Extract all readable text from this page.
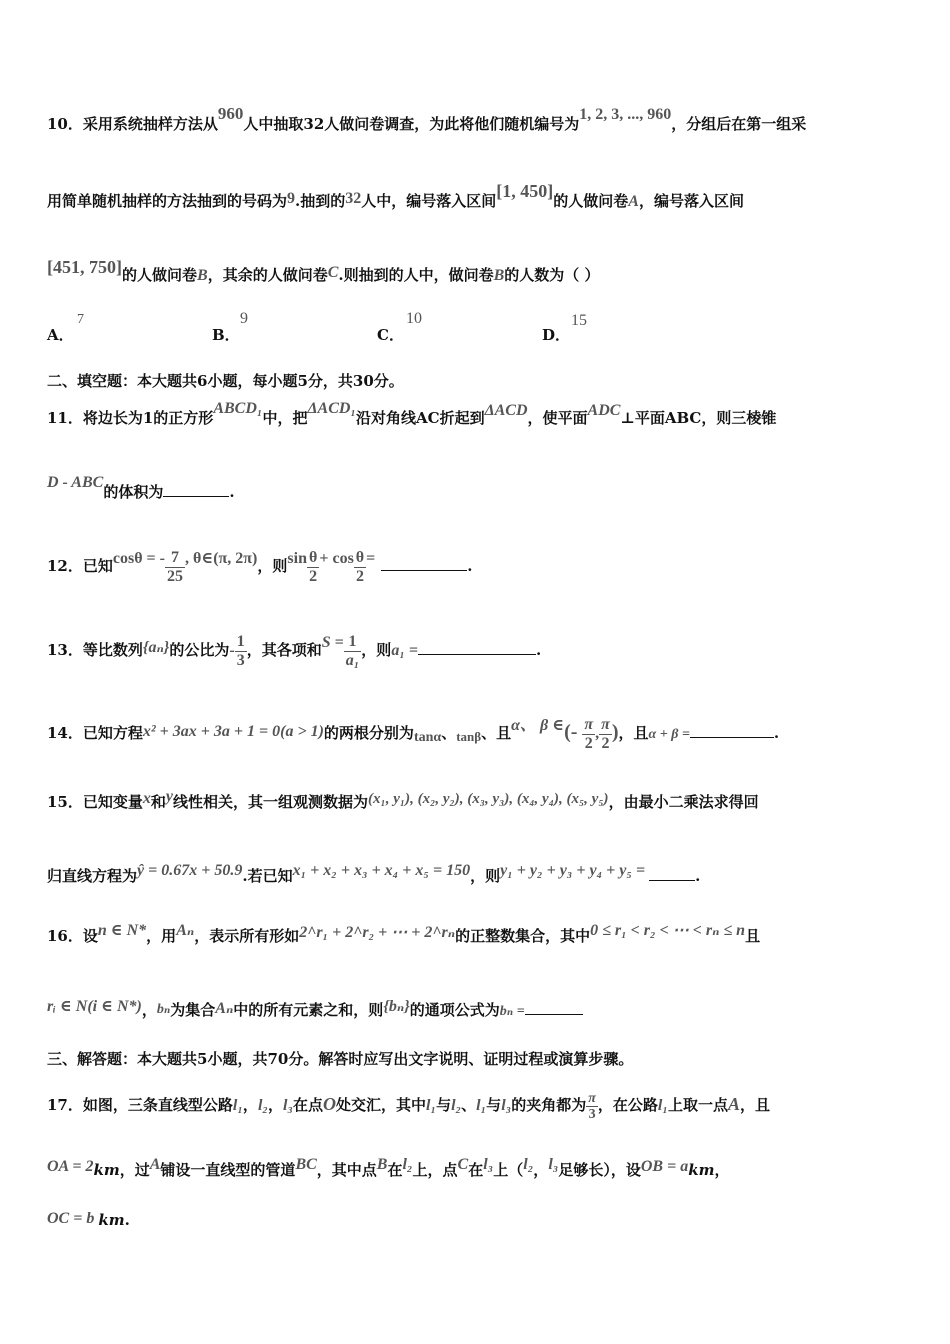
10．采用系统抽样方法从960人中抽取32人做问卷调查，为此将他们随机编号为1, 2, 3, ..., 960，分组后在第一组采
用简单随机抽样的方法抽到的号码为9.抽到的32人中，编号落入区间[1, 450]的人做问卷A，编号落入区间
[451, 750]的人做问卷B，其余的人做问卷C.则抽到的人中，做问卷B的人数为（ ）
A．
7
B．
9
C．
10
D．
15
二、填空题：本大题共6小题，每小题5分，共30分。
11．将边长为1的正方形ABCD₁中，把ΔACD₁沿对角线AC折起到ΔACD，使平面ADC⊥平面ABC，则三棱锥
D - ABC的体积为	.
12．已知cosθ = - $\frac{7}{25}$ , θ∈(π, 2π)，则$\sin \frac{\theta}{2} + \cos \frac{\theta}{2}$ =	.
13．等比数列{aₙ}的公比为- $\frac{1}{3}$ ，其各项和$S = \frac{1}{\text{a₁}}$ ，则a₁ =	.
14．已知方程x² + 3ax + 3a + 1 = 0(a > 1)的两根分别为tanα、tanβ、且α、 β ∈(- $\frac{\pi}{2}$ , $\frac{\pi}{2}$ )，且α + β =	.
15．已知变量x和y线性相关，其一组观测数据为(x₁, y₁), (x₂, y₂), (x₃, y₃), (x₄, y₄), (x₅, y₅)，由最小二乘法求得回
归直线方程为ŷ = 0.67x + 50.9.若已知x₁ + x₂ + x₃ + x₄ + x₅ = 150，则y₁ + y₂ + y₃ + y₄ + y₅ =	.
16．设n ∈ N*，用Aₙ，表示所有形如2^r₁ + 2^r₂ + ⋯ + 2^rₙ的正整数集合，其中0 ≤ r₁ < r₂ < ⋯ < rₙ ≤ n且
rᵢ ∈ N(i ∈ N*)，bₙ为集合Aₙ中的所有元素之和，则{bₙ}的通项公式为bₙ =
三、解答题：本大题共5小题，共70分。解答时应写出文字说明、证明过程或演算步骤。
17．如图，三条直线型公路l₁，l₂，l₃在点O处交汇，其中l₁与l₂、l₁与l₃的夹角都为 $\frac{\pi}{3}$ ，在公路l₁上取一点A，且
OA = 2km，过A铺设一直线型的管道BC，其中点B在l₂上，点C在l₃上（l₂，l₃足够长），设OB = akm，
OC = b km.
